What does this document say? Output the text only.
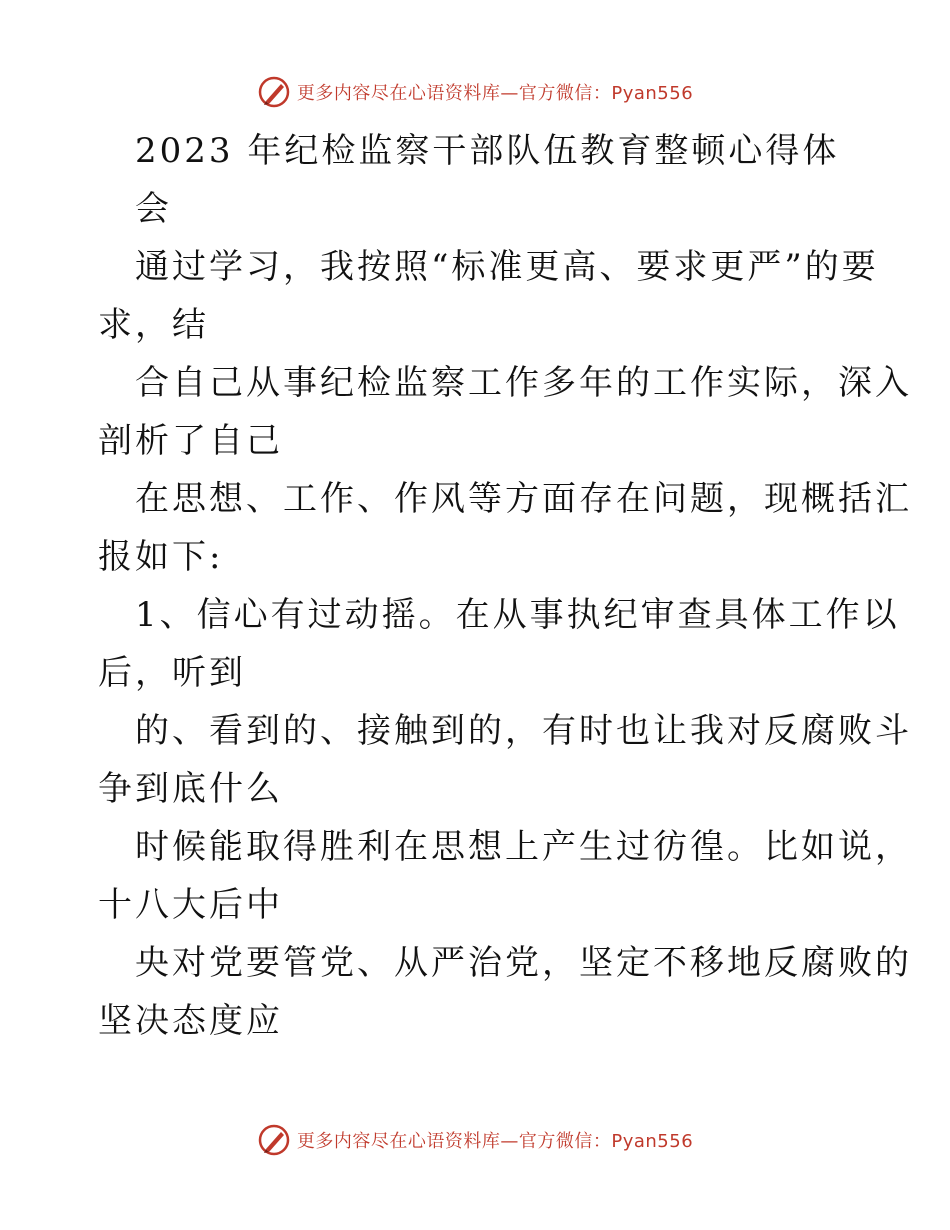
更多内容尽在心语资料库—官方微信：Pyan556
2023 年纪检监察干部队伍教育整顿心得体
会
通过学习，我按照“标准更高、要求更严”的要
求，结
合自己从事纪检监察工作多年的工作实际，深入
剖析了自己
在思想、工作、作风等方面存在问题，现概括汇
报如下:
1、信心有过动摇。在从事执纪审查具体工作以
后，听到
的、看到的、接触到的，有时也让我对反腐败斗
争到底什么
时候能取得胜利在思想上产生过彷徨。比如说，
十八大后中
央对党要管党、从严治党，坚定不移地反腐败的
坚决态度应
更多内容尽在心语资料库—官方微信：Pyan556
